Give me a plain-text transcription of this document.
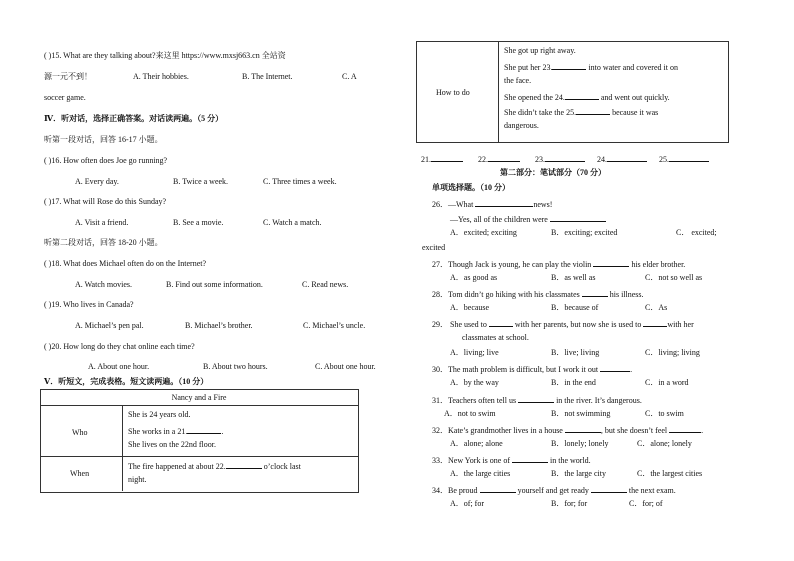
( )15. What are they talking about?来这里 https://www.mxsj663.cn 全站资
源一元不到！	A. Their hobbies.	B. The Internet.	C. A
soccer game.
Ⅳ．听对话，选择正确答案。对话读两遍。（5 分）
听第一段对话，回答 16-17 小题。
( )16. How often does Joe go running?
A. Every day.	B. Twice a week.	C. Three times a week.
( )17. What will Rose do this Sunday?
A. Visit a friend.	B. See a movie.	C. Watch a match.
听第二段对话，回答 18-20 小题。
( )18. What does Michael often do on the Internet?
A. Watch movies.	B. Find out some information.	C. Read news.
( )19. Who lives in Canada?
A. Michael’s pen pal.	B. Michael’s brother.	C. Michael’s uncle.
( )20. How long do they chat online each time?
A. About one hour.	B. About two hours.	C. About one hour.
Ⅴ．听短文，完成表格。短文读两遍。（10 分）
Nancy and a Fire
Who
She is 24 years old.
She works in a 21.	.
She lives on the 22nd floor.
When
The fire happened at about 22.	o’clock last
night.
How to do
She got up right away.
She put her 23.	into water and covered it on
the face.
She opened the 24.	and went out quickly.
She didn’t take the 25.	because it was
dangerous.
21.	22.	23.	24.	25.
第二部分：笔试部分（70 分）
单项选择题。（10 分）
26．—What	news!
—Yes, all of the children were
A．excited; exciting	B．exciting; excited	C． excited;
excited
27．Though Jack is young, he can play the violin	his elder brother.
A．as good as	B．as well as	C．not so well as
28．Tom didn’t go hiking with his classmates	his illness.
A．because	B．because of	C．As
29． She used to	with her parents, but now she is used to	with her
classmates at school.
A．living; live	B．live; living	C．living; living
30．The math problem is difficult, but I work it out	.
A．by the way	B．in the end	C．in a word
31．Teachers often tell us	in the river. It’s dangerous.
A．not to swim	B．not swimming	C．to swim
32．Kate’s grandmother lives in a house	, but she doesn’t feel	.
A．alone; alone	B．lonely; lonely	C．alone; lonely
33．New York is one of	in the world.
A．the large cities	B．the large city	C．the largest cities
34．Be proud	yourself and get ready	the next exam.
A．of; for	B．for; for	C．for; of
